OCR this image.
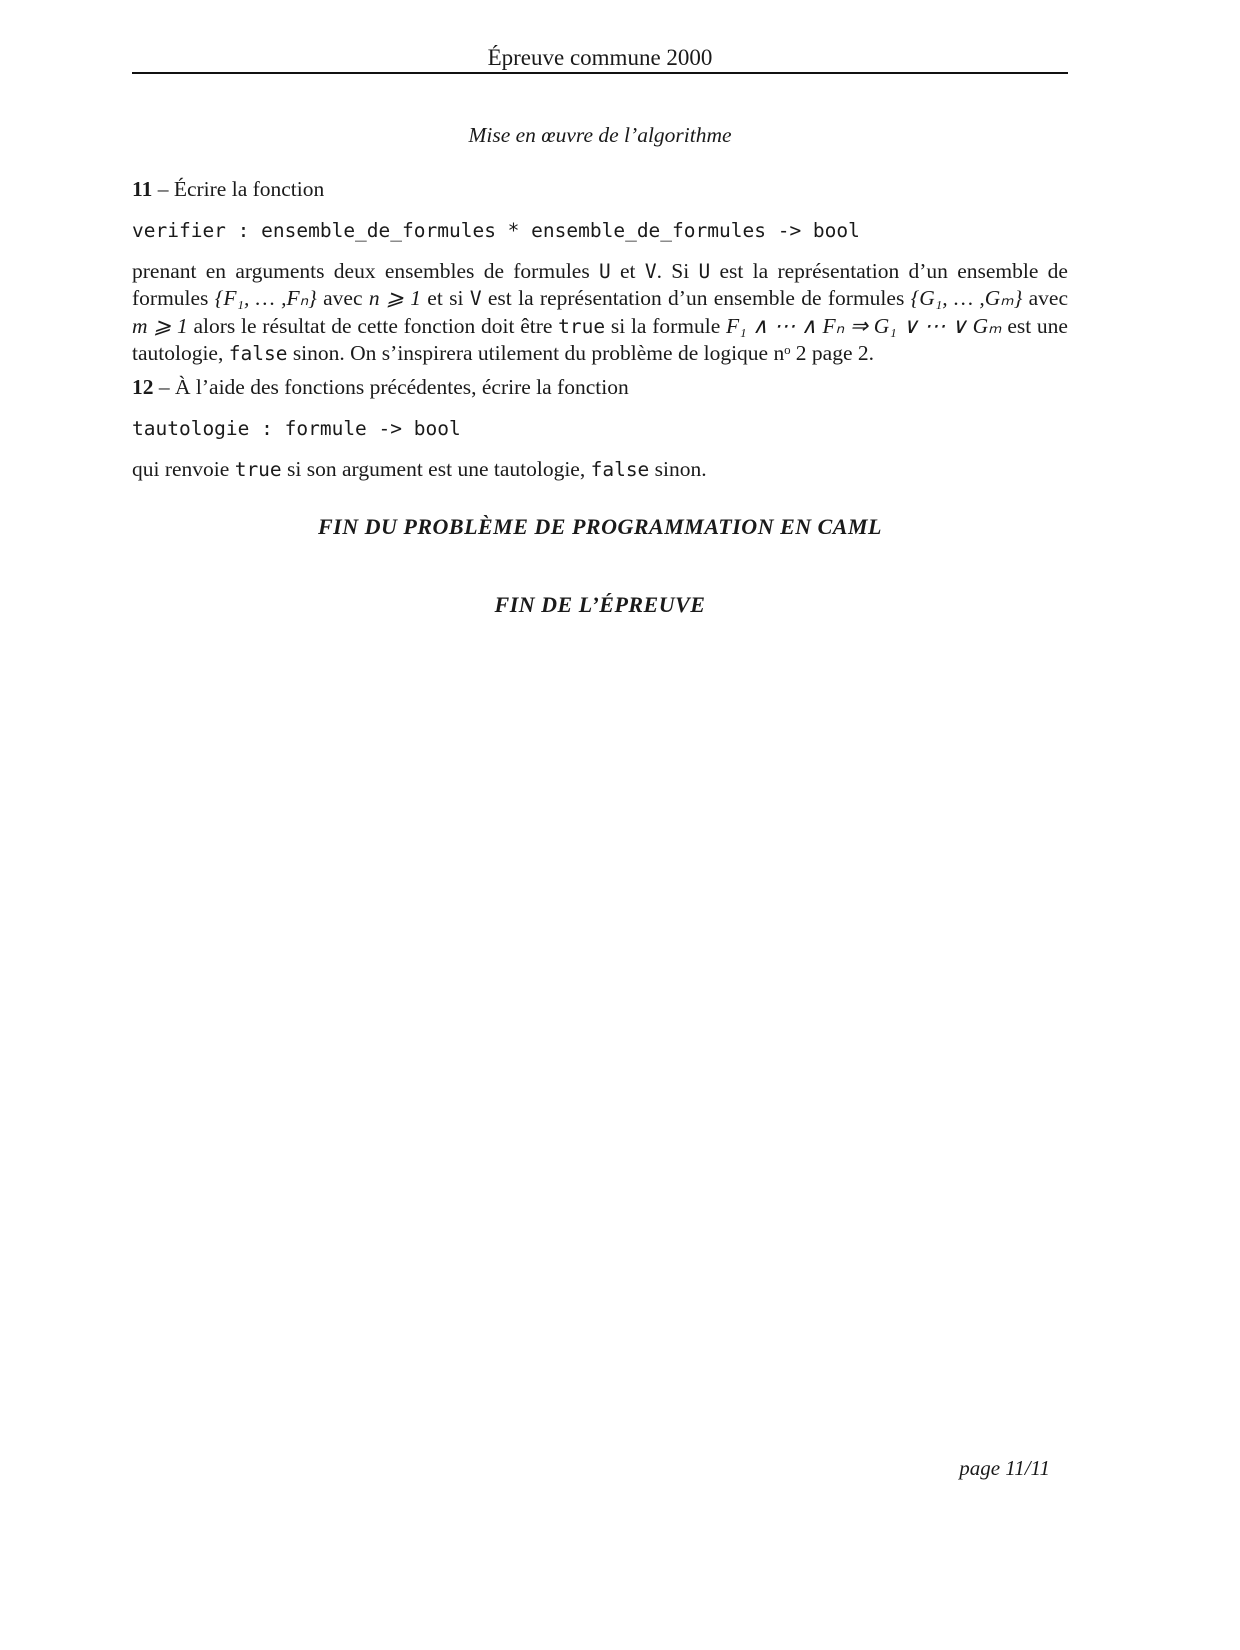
Épreuve commune 2000
Mise en œuvre de l’algorithme
11 – Écrire la fonction
verifier : ensemble_de_formules * ensemble_de_formules -> bool
prenant en arguments deux ensembles de formules U et V. Si U est la représentation d’un ensemble de formules {F₁, … ,Fₙ} avec n ⩾ 1 et si V est la représentation d’un ensemble de formules {G₁, … ,Gₘ} avec m ⩾ 1 alors le résultat de cette fonction doit être true si la formule F₁ ∧ ⋯ ∧ Fₙ ⇒ G₁ ∨ ⋯ ∨ Gₘ est une tautologie, false sinon. On s’inspirera utilement du problème de logique nᵒ 2 page 2.
12 – À l’aide des fonctions précédentes, écrire la fonction
tautologie : formule -> bool
qui renvoie true si son argument est une tautologie, false sinon.
FIN DU PROBLÈME DE PROGRAMMATION EN CAML
FIN DE L’ÉPREUVE
page 11/11
